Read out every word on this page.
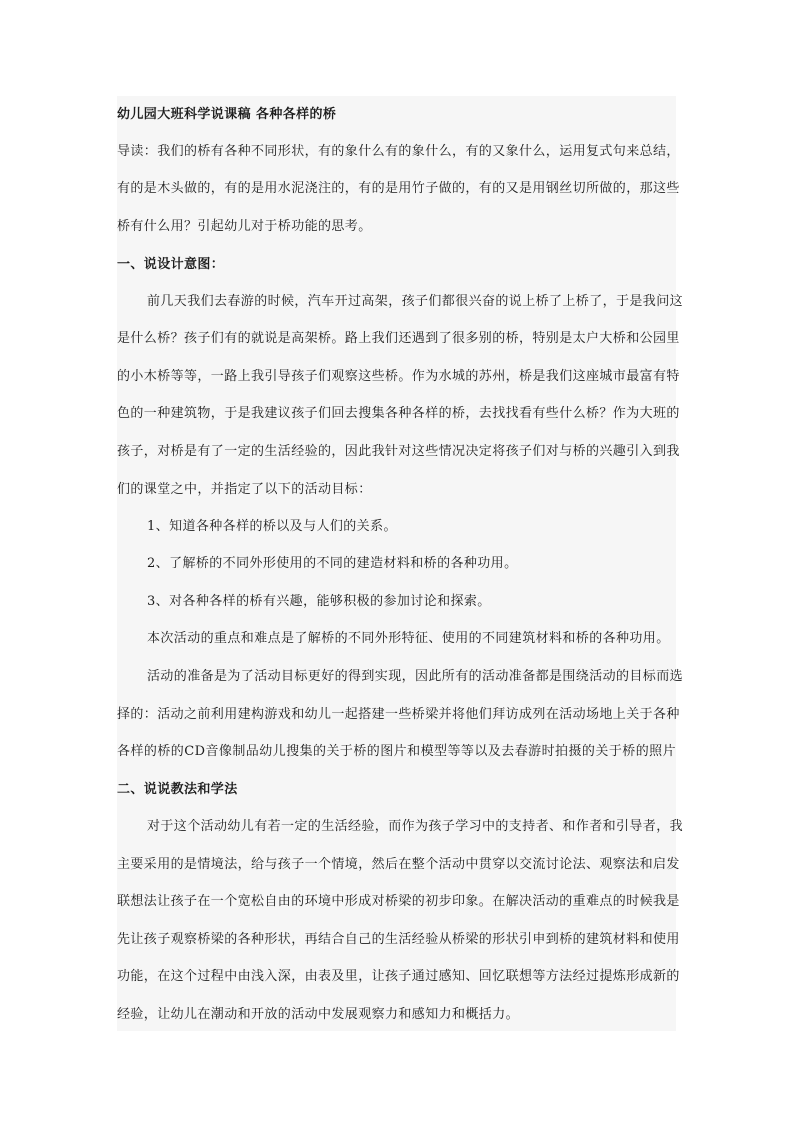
幼儿园大班科学说课稿 各种各样的桥
导读：我们的桥有各种不同形状，有的象什么有的象什么，有的又象什么，运用复式句来总结，
有的是木头做的，有的是用水泥浇注的，有的是用竹子做的，有的又是用钢丝切所做的，那这些
桥有什么用？引起幼儿对于桥功能的思考。
一、说设计意图：
前几天我们去春游的时候，汽车开过高架，孩子们都很兴奋的说上桥了上桥了，于是我问这
是什么桥？孩子们有的就说是高架桥。路上我们还遇到了很多别的桥，特别是太户大桥和公园里
的小木桥等等，一路上我引导孩子们观察这些桥。作为水城的苏州，桥是我们这座城市最富有特
色的一种建筑物，于是我建议孩子们回去搜集各种各样的桥，去找找看有些什么桥？作为大班的
孩子，对桥是有了一定的生活经验的，因此我针对这些情况决定将孩子们对与桥的兴趣引入到我
们的课堂之中，并指定了以下的活动目标：
1、知道各种各样的桥以及与人们的关系。
2、了解桥的不同外形使用的不同的建造材料和桥的各种功用。
3、对各种各样的桥有兴趣，能够积极的参加讨论和探索。
本次活动的重点和难点是了解桥的不同外形特征、使用的不同建筑材料和桥的各种功用。
活动的准备是为了活动目标更好的得到实现，因此所有的活动准备都是围绕活动的目标而选
择的：活动之前利用建构游戏和幼儿一起搭建一些桥梁并将他们拜访成列在活动场地上关于各种
各样的桥的CD音像制品幼儿搜集的关于桥的图片和模型等等以及去春游时拍摄的关于桥的照片
二、说说教法和学法
对于这个活动幼儿有若一定的生活经验，而作为孩子学习中的支持者、和作者和引导者，我
主要采用的是情境法，给与孩子一个情境，然后在整个活动中贯穿以交流讨论法、观察法和启发
联想法让孩子在一个宽松自由的环境中形成对桥梁的初步印象。在解决活动的重难点的时候我是
先让孩子观察桥梁的各种形状，再结合自己的生活经验从桥梁的形状引申到桥的建筑材料和使用
功能，在这个过程中由浅入深，由表及里，让孩子通过感知、回忆联想等方法经过提炼形成新的
经验，让幼儿在潮动和开放的活动中发展观察力和感知力和概括力。
